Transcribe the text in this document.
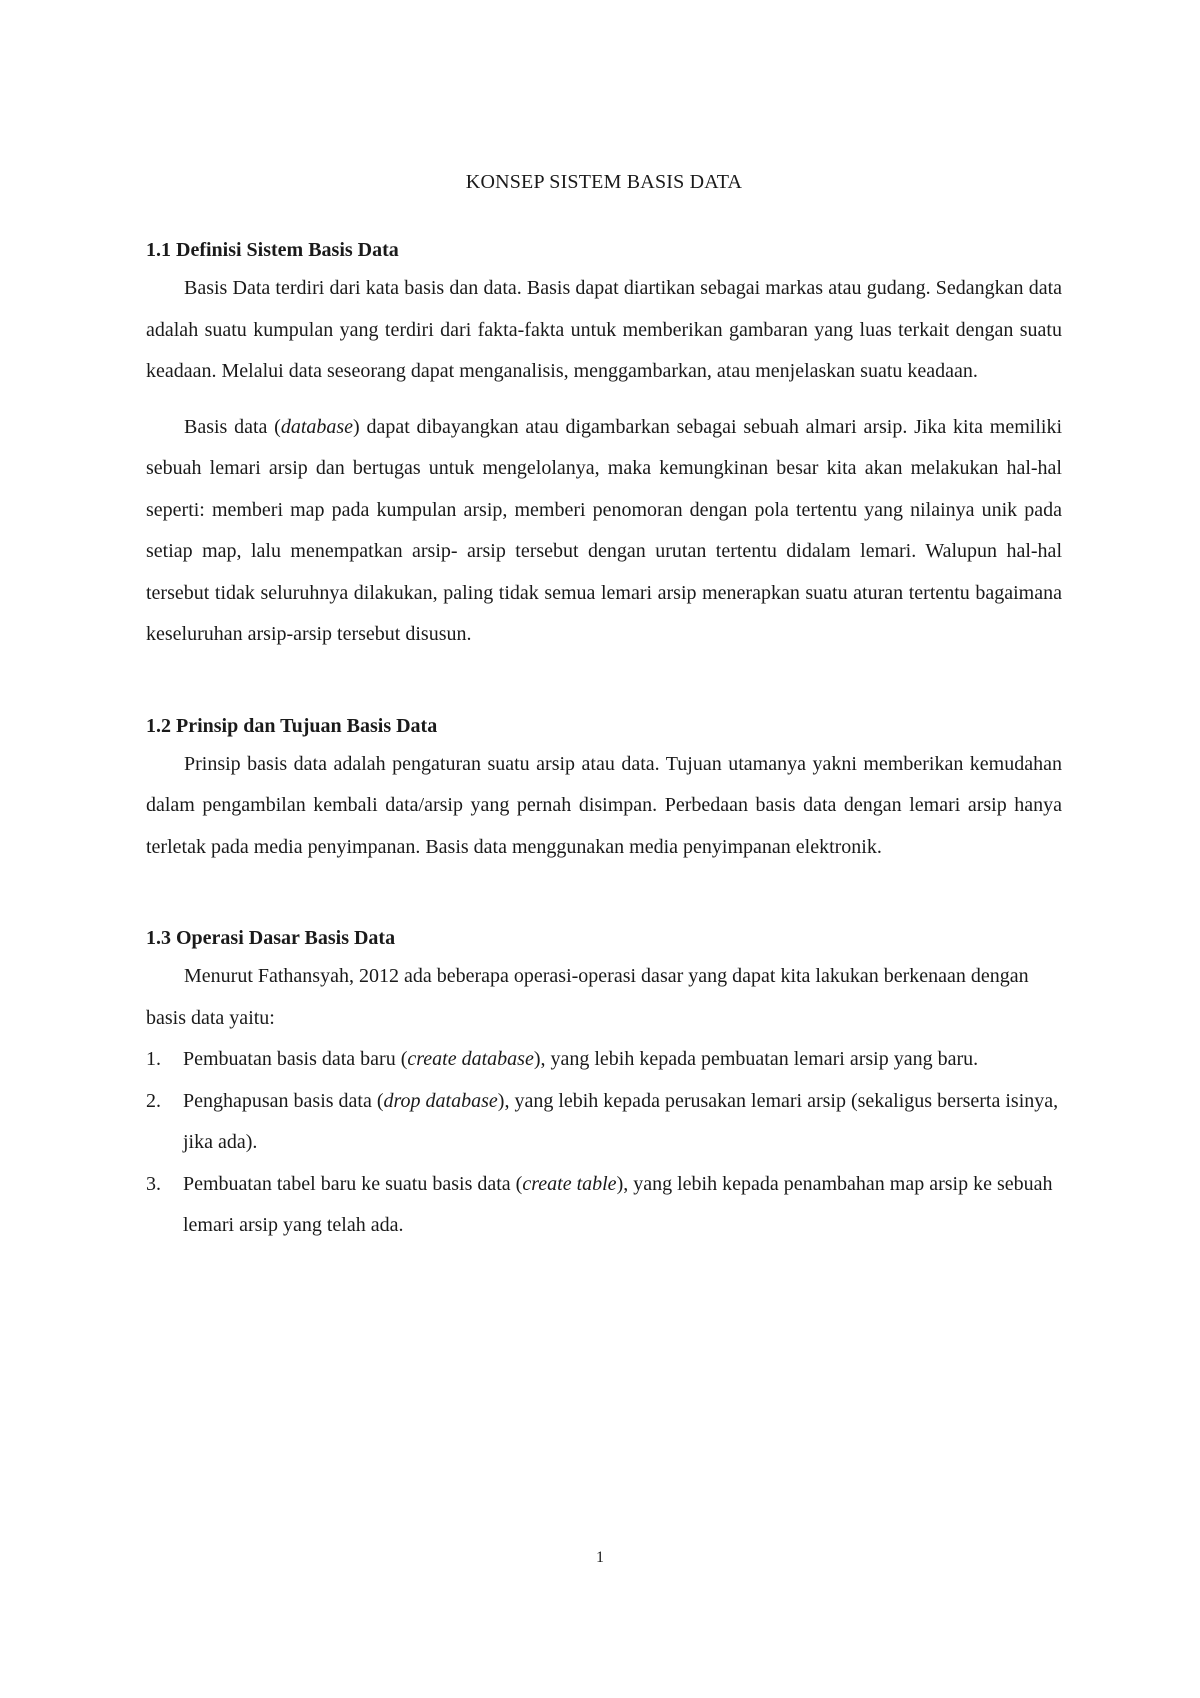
KONSEP SISTEM BASIS DATA
1.1 Definisi Sistem Basis Data

Basis Data terdiri dari kata basis dan data. Basis dapat diartikan sebagai markas atau gudang. Sedangkan data adalah suatu kumpulan yang terdiri dari fakta-fakta untuk memberikan gambaran yang luas terkait dengan suatu keadaan. Melalui data seseorang dapat menganalisis, menggambarkan, atau menjelaskan suatu keadaan.

Basis data (database) dapat dibayangkan atau digambarkan sebagai sebuah almari arsip. Jika kita memiliki sebuah lemari arsip dan bertugas untuk mengelolanya, maka kemungkinan besar kita akan melakukan hal-hal seperti: memberi map pada kumpulan arsip, memberi penomoran dengan pola tertentu yang nilainya unik pada setiap map, lalu menempatkan arsip- arsip tersebut dengan urutan tertentu didalam lemari. Walupun hal-hal tersebut tidak seluruhnya dilakukan, paling tidak semua lemari arsip menerapkan suatu aturan tertentu bagaimana keseluruhan arsip-arsip tersebut disusun.

1.2 Prinsip dan Tujuan Basis Data

Prinsip basis data adalah pengaturan suatu arsip atau data. Tujuan utamanya yakni memberikan kemudahan dalam pengambilan kembali data/arsip yang pernah disimpan. Perbedaan basis data dengan lemari arsip hanya terletak pada media penyimpanan. Basis data menggunakan media penyimpanan elektronik.

1.3 Operasi Dasar Basis Data

Menurut Fathansyah, 2012 ada beberapa operasi-operasi dasar yang dapat kita lakukan berkenaan dengan basis data yaitu:

1. Pembuatan basis data baru (create database), yang lebih kepada pembuatan lemari arsip yang baru.
2. Penghapusan basis data (drop database), yang lebih kepada perusakan lemari arsip (sekaligus berserta isinya, jika ada).
3. Pembuatan tabel baru ke suatu basis data (create table), yang lebih kepada penambahan map arsip ke sebuah lemari arsip yang telah ada.
1
